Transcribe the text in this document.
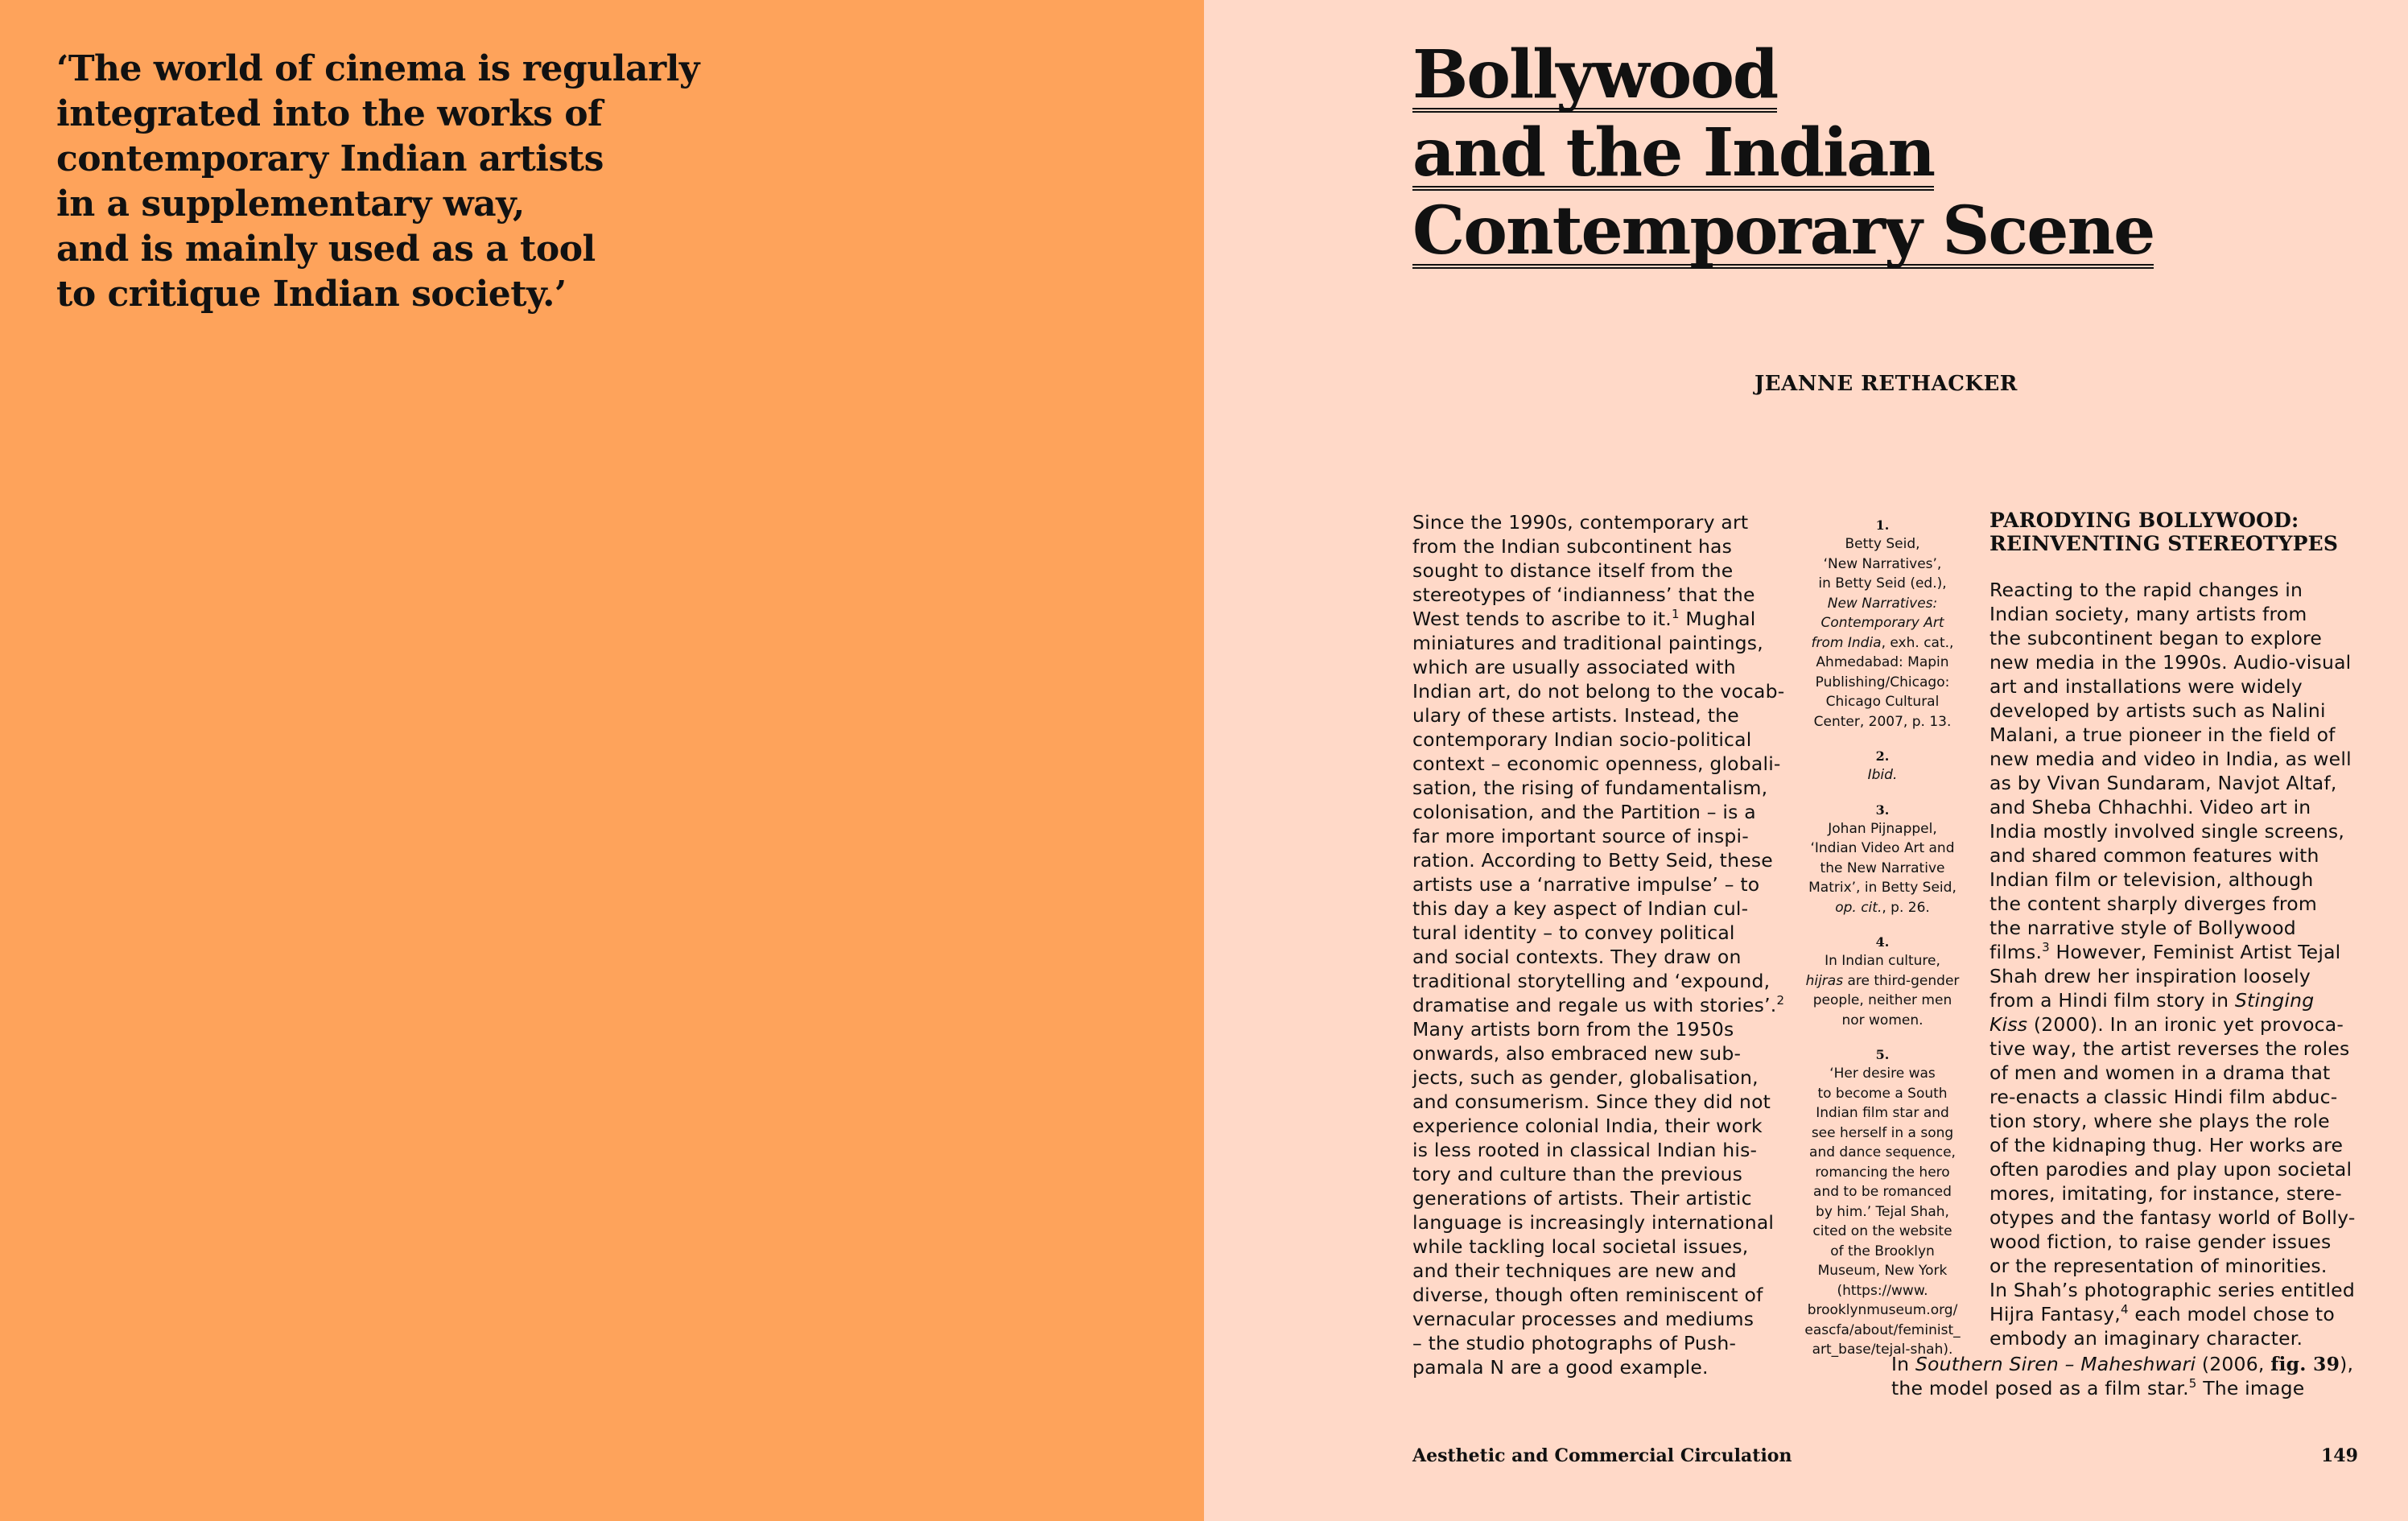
‘The world of cinema is regularly
integrated into the works of
contemporary Indian artists
in a supplementary way,
and is mainly used as a tool
to critique Indian society.’
Bollywood
and the Indian
Contemporary Scene
JEANNE RETHACKER
Since the 1990s, contemporary art
from the Indian subcontinent has
sought to distance itself from the
stereotypes of ‘indianness’ that the
West tends to ascribe to it.$^1$ Mughal
miniatures and traditional paintings,
which are usually associated with
Indian art, do not belong to the vocab-
ulary of these artists. Instead, the
contemporary Indian socio-political
context – economic openness, globali-
sation, the rising of fundamentalism,
colonisation, and the Partition – is a
far more important source of inspi-
ration. According to Betty Seid, these
artists use a ‘narrative impulse’ – to
this day a key aspect of Indian cul-
tural identity – to convey political
and social contexts. They draw on
traditional storytelling and ‘expound,
dramatise and regale us with stories’.$^2$
Many artists born from the 1950s
onwards, also embraced new sub-
jects, such as gender, globalisation,
and consumerism. Since they did not
experience colonial India, their work
is less rooted in classical Indian his-
tory and culture than the previous
generations of artists. Their artistic
language is increasingly international
while tackling local societal issues,
and their techniques are new and
diverse, though often reminiscent of
vernacular processes and mediums
– the studio photographs of Push-
pamala N are a good example.
1.
Betty Seid,
‘New Narratives’,
in Betty Seid (ed.),
New Narratives:
Contemporary Art
from India, exh. cat.,
Ahmedabad: Mapin
Publishing/Chicago:
Chicago Cultural
Center, 2007, p. 13.
2.
Ibid.
3.
Johan Pijnappel,
‘Indian Video Art and
the New Narrative
Matrix’, in Betty Seid,
op. cit., p. 26.
4.
In Indian culture,
hijras are third-gender
people, neither men
nor women.
5.
‘Her desire was
to become a South
Indian film star and
see herself in a song
and dance sequence,
romancing the hero
and to be romanced
by him.’ Tejal Shah,
cited on the website
of the Brooklyn
Museum, New York
(https://www.
brooklynmuseum.org/
eascfa/about/feminist_
art_base/tejal-shah).
PARODYING BOLLYWOOD:
REINVENTING STEREOTYPES
Reacting to the rapid changes in
Indian society, many artists from
the subcontinent began to explore
new media in the 1990s. Audio-visual
art and installations were widely
developed by artists such as Nalini
Malani, a true pioneer in the field of
new media and video in India, as well
as by Vivan Sundaram, Navjot Altaf,
and Sheba Chhachhi. Video art in
India mostly involved single screens,
and shared common features with
Indian film or television, although
the content sharply diverges from
the narrative style of Bollywood
films.$^3$ However, Feminist Artist Tejal
Shah drew her inspiration loosely
from a Hindi film story in Stinging
Kiss (2000). In an ironic yet provoca-
tive way, the artist reverses the roles
of men and women in a drama that
re-enacts a classic Hindi film abduc-
tion story, where she plays the role
of the kidnaping thug. Her works are
often parodies and play upon societal
mores, imitating, for instance, stere-
otypes and the fantasy world of Bolly-
wood fiction, to raise gender issues
or the representation of minorities.
In Shah’s photographic series entitled
Hijra Fantasy,$^4$ each model chose to
embody an imaginary character.
In Southern Siren – Maheshwari (2006, fig. 39),
the model posed as a film star.$^5$ The image
Aesthetic and Commercial Circulation	149
